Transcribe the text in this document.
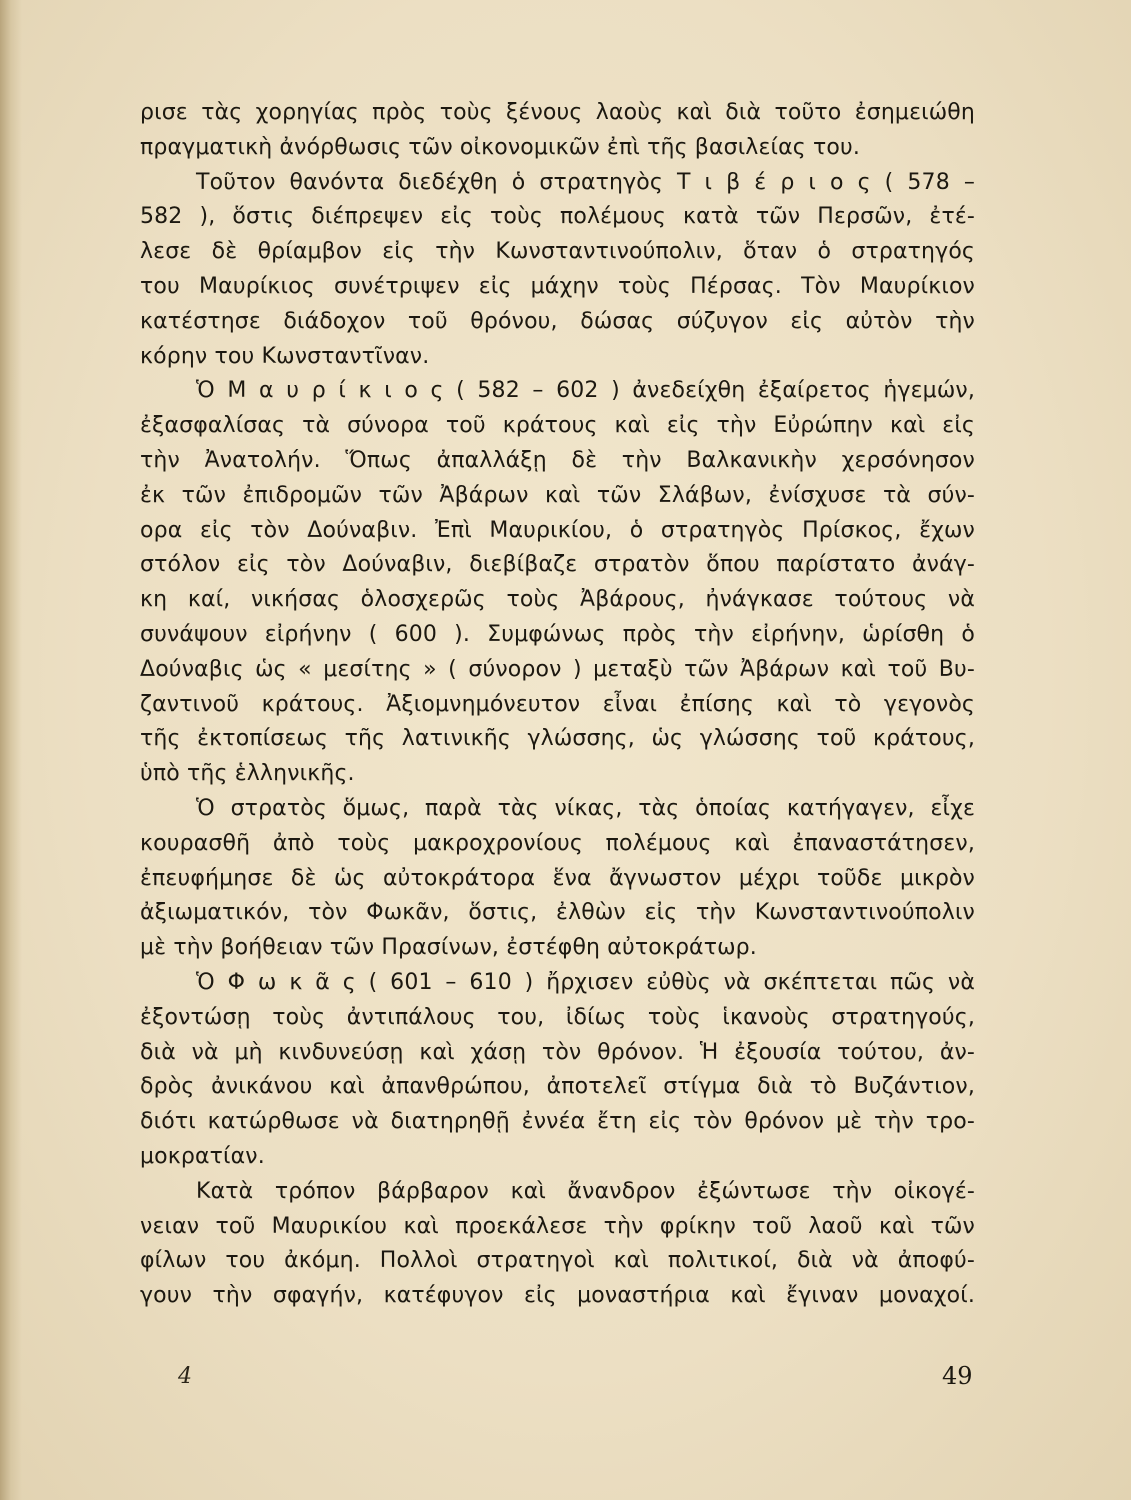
ρισε τὰς χορηγίας πρὸς τοὺς ξένους λαοὺς καὶ διὰ τοῦτο ἐσημειώθη
πραγματικὴ ἀνόρθωσις τῶν οἰκονομικῶν ἐπὶ τῆς βασιλείας του.
Τοῦτον θανόντα διεδέχθη ὁ στρατηγὸς Τ ι β έ ρ ι ο ς ( 578 –
582 ), ὅστις διέπρεψεν εἰς τοὺς πολέμους κατὰ τῶν Περσῶν, ἐτέ-
λεσε δὲ θρίαμβον εἰς τὴν Κωνσταντινούπολιν, ὅταν ὁ στρατηγός
του Μαυρίκιος συνέτριψεν εἰς μάχην τοὺς Πέρσας. Τὸν Μαυρίκιον
κατέστησε διάδοχον τοῦ θρόνου, δώσας σύζυγον εἰς αὐτὸν τὴν
κόρην του Κωνσταντῖναν.
Ὁ Μ α υ ρ ί κ ι ο ς ( 582 – 602 ) ἀνεδείχθη ἐξαίρετος ἡγεμών,
ἐξασφαλίσας τὰ σύνορα τοῦ κράτους καὶ εἰς τὴν Εὐρώπην καὶ εἰς
τὴν Ἀνατολήν. Ὅπως ἀπαλλάξῃ δὲ τὴν Βαλκανικὴν χερσόνησον
ἐκ τῶν ἐπιδρομῶν τῶν Ἀβάρων καὶ τῶν Σλάβων, ἐνίσχυσε τὰ σύν-
ορα εἰς τὸν Δούναβιν. Ἐπὶ Μαυρικίου, ὁ στρατηγὸς Πρίσκος, ἔχων
στόλον εἰς τὸν Δούναβιν, διεβίβαζε στρατὸν ὅπου παρίστατο ἀνάγ-
κη καί, νικήσας ὁλοσχερῶς τοὺς Ἀβάρους, ἠνάγκασε τούτους νὰ
συνάψουν εἰρήνην ( 600 ). Συμφώνως πρὸς τὴν εἰρήνην, ὡρίσθη ὁ
Δούναβις ὡς « μεσίτης » ( σύνορον ) μεταξὺ τῶν Ἀβάρων καὶ τοῦ Βυ-
ζαντινοῦ κράτους. Ἀξιομνημόνευτον εἶναι ἐπίσης καὶ τὸ γεγονὸς
τῆς ἐκτοπίσεως τῆς λατινικῆς γλώσσης, ὡς γλώσσης τοῦ κράτους,
ὑπὸ τῆς ἑλληνικῆς.
Ὁ στρατὸς ὅμως, παρὰ τὰς νίκας, τὰς ὁποίας κατήγαγεν, εἶχε
κουρασθῆ ἀπὸ τοὺς μακροχρονίους πολέμους καὶ ἐπαναστάτησεν,
ἐπευφήμησε δὲ ὡς αὐτοκράτορα ἕνα ἄγνωστον μέχρι τοῦδε μικρὸν
ἀξιωματικόν, τὸν Φωκᾶν, ὅστις, ἐλθὼν εἰς τὴν Κωνσταντινούπολιν
μὲ τὴν βοήθειαν τῶν Πρασίνων, ἐστέφθη αὐτοκράτωρ.
Ὁ Φ ω κ ᾶ ς ( 601 – 610 ) ἤρχισεν εὐθὺς νὰ σκέπτεται πῶς νὰ
ἐξοντώσῃ τοὺς ἀντιπάλους του, ἰδίως τοὺς ἱκανοὺς στρατηγούς,
διὰ νὰ μὴ κινδυνεύσῃ καὶ χάσῃ τὸν θρόνον. Ἡ ἐξουσία τούτου, ἀν-
δρὸς ἀνικάνου καὶ ἀπανθρώπου, ἀποτελεῖ στίγμα διὰ τὸ Βυζάντιον,
διότι κατώρθωσε νὰ διατηρηθῇ ἐννέα ἔτη εἰς τὸν θρόνον μὲ τὴν τρο-
μοκρατίαν.
Κατὰ τρόπον βάρβαρον καὶ ἄνανδρον ἐξώντωσε τὴν οἰκογέ-
νειαν τοῦ Μαυρικίου καὶ προεκάλεσε τὴν φρίκην τοῦ λαοῦ καὶ τῶν
φίλων του ἀκόμη. Πολλοὶ στρατηγοὶ καὶ πολιτικοί, διὰ νὰ ἀποφύ-
γουν τὴν σφαγήν, κατέφυγον εἰς μοναστήρια καὶ ἔγιναν μοναχοί.
4	49
